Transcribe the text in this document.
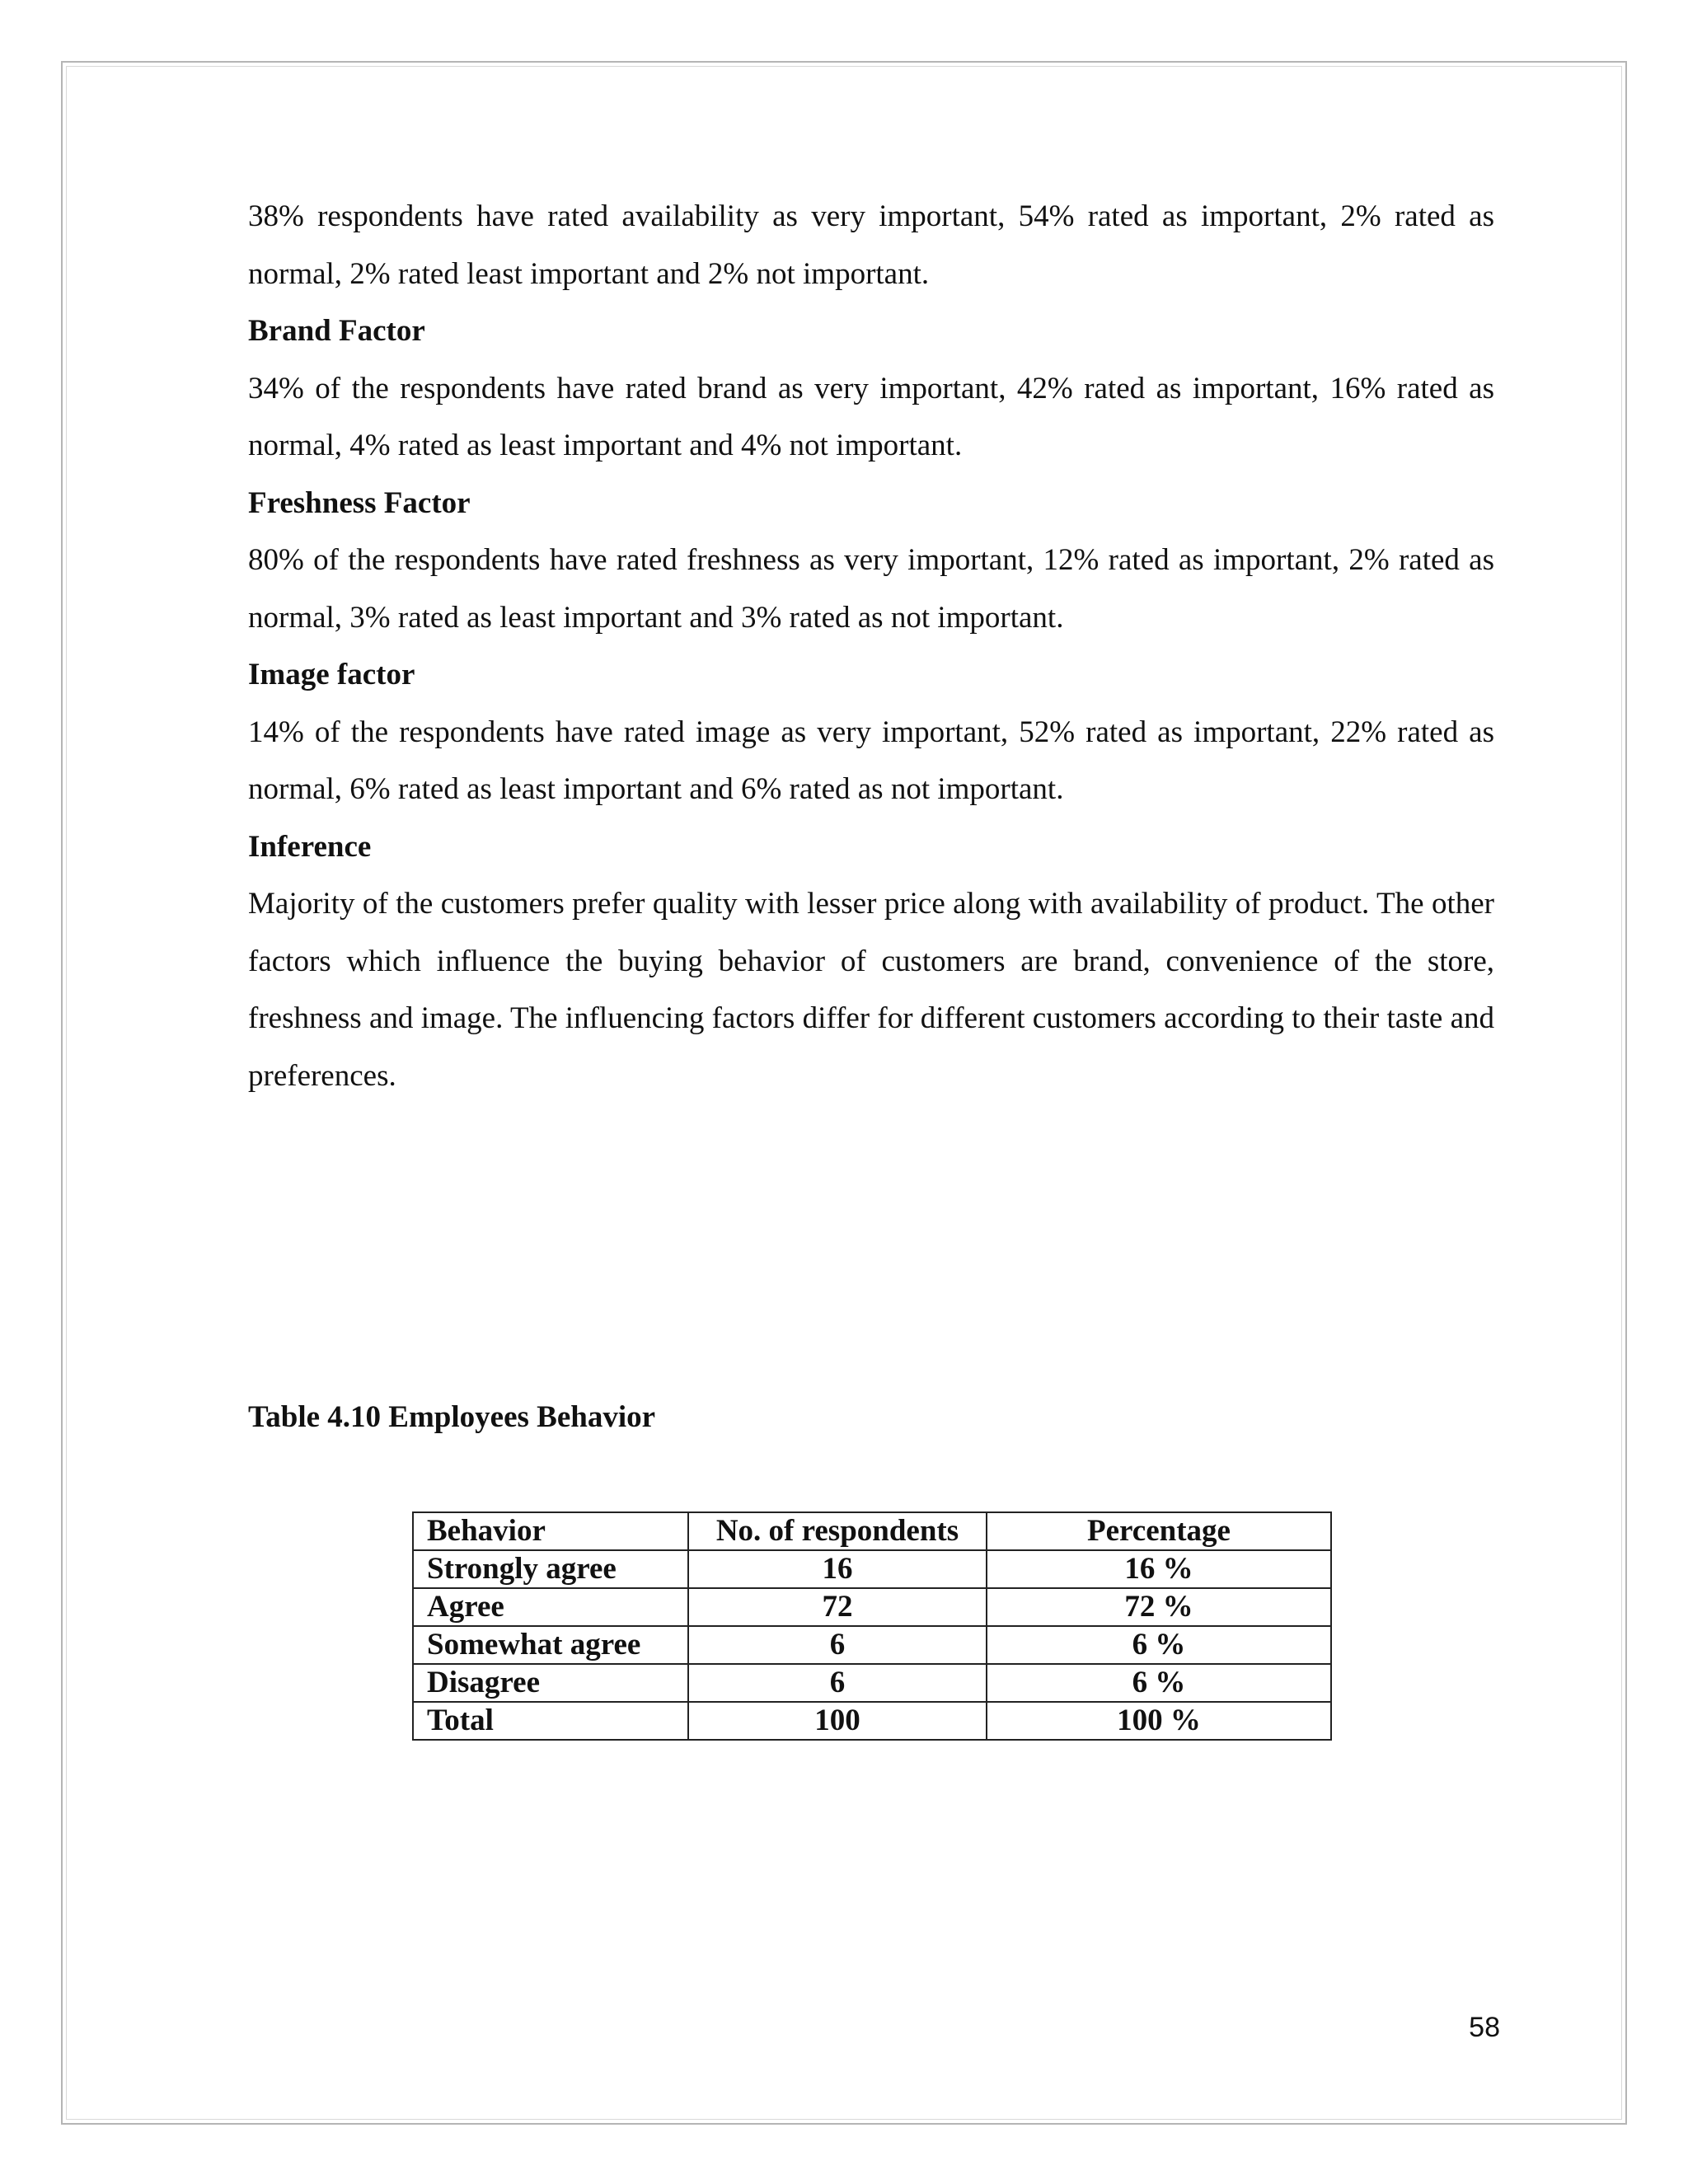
38% respondents have rated availability as very important, 54% rated as important, 2% rated as normal, 2% rated least important and 2% not important.

Brand Factor

34% of the respondents have rated brand as very important, 42% rated as important, 16% rated as normal, 4% rated as least important and 4% not important.

Freshness Factor

80% of the respondents have rated freshness as very important, 12% rated as important, 2% rated as normal, 3% rated as least important and 3% rated as not important.

Image factor

14% of the respondents have rated image as very important, 52% rated as important, 22% rated as normal, 6% rated as least important and 6% rated as not important.

Inference

Majority of the customers prefer quality with lesser price along with availability of product. The other factors which influence the buying behavior of customers are brand, convenience of the store, freshness and image. The influencing factors differ for different customers according to their taste and preferences.

Table 4.10 Employees Behavior

Behavior	No. of respondents	Percentage
Strongly agree	16	16 %
Agree	72	72 %
Somewhat agree	6	6 %
Disagree	6	6 %
Total	100	100 %
58
